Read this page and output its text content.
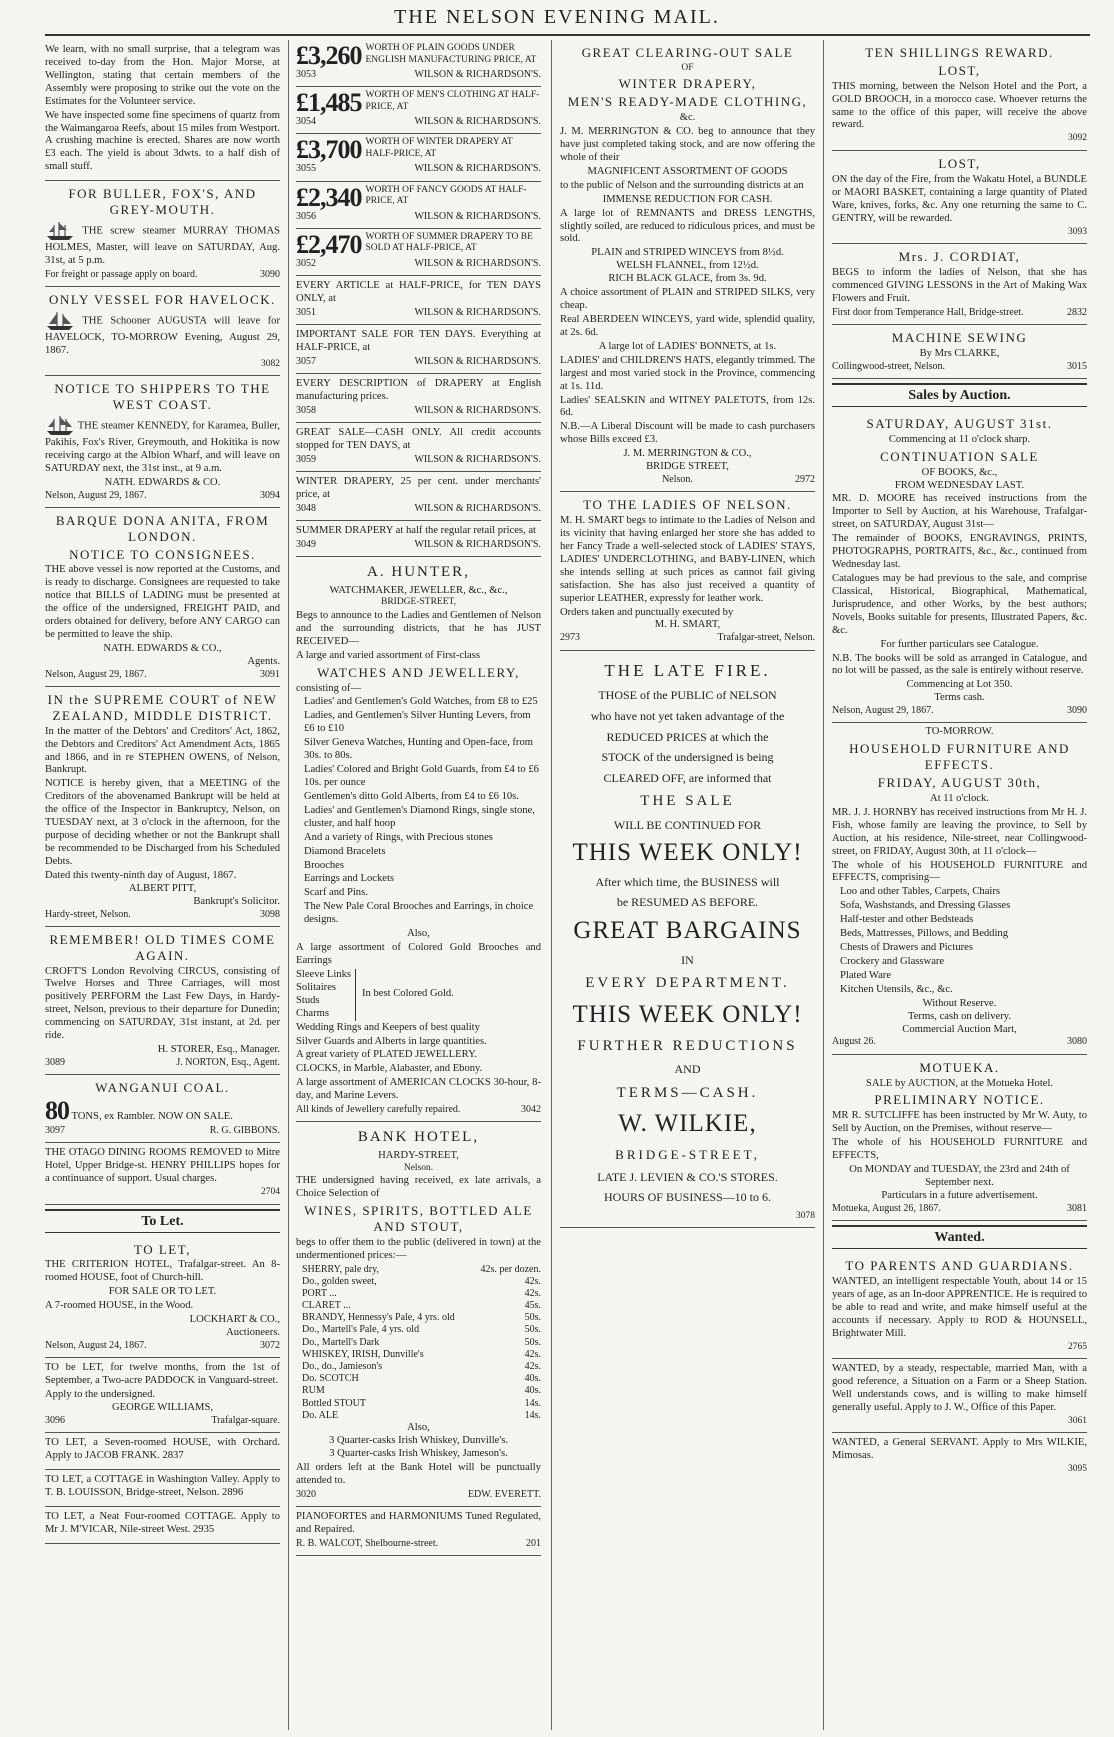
THE NELSON EVENING MAIL.

We learn, with no small surprise, that a telegram was received to-day from the Hon. Major Morse, at Wellington, stating that certain members of the Assembly were proposing to strike out the vote on the Estimates for the Volunteer service.

We have inspected some fine specimens of quartz from the Waimangaroa Reefs, about 15 miles from Westport. A crushing machine is erected. Shares are now worth £3 each. The yield is about 3dwts. to a half dish of small stuff.

FOR BULLER, FOX'S, AND GREY-MOUTH.

THE screw steamer MURRAY THOMAS HOLMES, Master, will leave on SATURDAY, Aug. 31st, at 5 p.m.

For freight or passage apply on board.	3090
ONLY VESSEL FOR HAVELOCK.

THE Schooner AUGUSTA will leave for HAVELOCK, TO-MORROW Evening, August 29, 1867.

3082
NOTICE TO SHIPPERS TO THE WEST COAST.

THE steamer KENNEDY, for Karamea, Buller, Pakihis, Fox's River, Greymouth, and Hokitika is now receiving cargo at the Albion Wharf, and will leave on SATURDAY next, the 31st inst., at 9 a.m.

NATH. EDWARDS & CO.
Nelson, August 29, 1867.	3094
BARQUE DONA ANITA, FROM LONDON.
NOTICE TO CONSIGNEES.

THE above vessel is now reported at the Customs, and is ready to discharge. Consignees are requested to take notice that BILLS of LADING must be presented at the office of the undersigned, FREIGHT PAID, and orders obtained for delivery, before ANY CARGO can be permitted to leave the ship.

NATH. EDWARDS & CO.,
Agents.
Nelson, August 29, 1867.	3091
IN the SUPREME COURT of NEW ZEALAND, MIDDLE DISTRICT.

In the matter of the Debtors' and Creditors' Act, 1862, the Debtors and Creditors' Act Amendment Acts, 1865 and 1866, and in re STEPHEN OWENS, of Nelson, Bankrupt.

NOTICE is hereby given, that a MEETING of the Creditors of the abovenamed Bankrupt will be held at the office of the Inspector in Bankruptcy, Nelson, on TUESDAY next, at 3 o'clock in the afternoon, for the purpose of deciding whether or not the Bankrupt shall be recommended to be Discharged from his Scheduled Debts.

Dated this twenty-ninth day of August, 1867.
ALBERT PITT,
Bankrupt's Solicitor.
Hardy-street, Nelson.	3098
REMEMBER! OLD TIMES COME AGAIN.

CROFT'S London Revolving CIRCUS, consisting of Twelve Horses and Three Carriages, will most positively PERFORM the Last Few Days, in Hardy-street, Nelson, previous to their departure for Dunedin; commencing on SATURDAY, 31st instant, at 2d. per ride.

H. STORER, Esq., Manager.
3089	J. NORTON, Esq., Agent.
WANGANUI COAL.

80 TONS, ex Rambler. NOW ON SALE.

3097	R. G. GIBBONS.

THE OTAGO DINING ROOMS REMOVED to Mitre Hotel, Upper Bridge-st. HENRY PHILLIPS hopes for a continuance of support. Usual charges.

2704
To Let.
TO LET,

THE CRITERION HOTEL, Trafalgar-street. An 8-roomed HOUSE, foot of Church-hill.

FOR SALE OR TO LET.

A 7-roomed HOUSE, in the Wood.

LOCKHART & CO.,
Auctioneers.
Nelson, August 24, 1867.	3072

TO be LET, for twelve months, from the 1st of September, a Two-acre PADDOCK in Vanguard-street.

Apply to the undersigned.
GEORGE WILLIAMS,
3096	Trafalgar-square.

TO LET, a Seven-roomed HOUSE, with Orchard. Apply to JACOB FRANK. 2837

TO LET, a COTTAGE in Washington Valley. Apply to T. B. LOUISSON, Bridge-street, Nelson. 2896

TO LET, a Neat Four-roomed COTTAGE. Apply to Mr J. M'VICAR, Nile-street West. 2935

£3,260 WORTH OF PLAIN GOODS UNDER ENGLISH MANUFACTURING PRICE, AT
3053	WILSON & RICHARDSON'S.
£1,485 WORTH OF MEN'S CLOTHING AT HALF-PRICE, AT
3054	WILSON & RICHARDSON'S.
£3,700 WORTH OF WINTER DRAPERY AT HALF-PRICE, AT
3055	WILSON & RICHARDSON'S.
£2,340 WORTH OF FANCY GOODS AT HALF-PRICE, AT
3056	WILSON & RICHARDSON'S.
£2,470 WORTH OF SUMMER DRAPERY TO BE SOLD AT HALF-PRICE, AT
3052	WILSON & RICHARDSON'S.

EVERY ARTICLE at HALF-PRICE, for TEN DAYS ONLY, at

3051	WILSON & RICHARDSON'S.

IMPORTANT SALE FOR TEN DAYS. Everything at HALF-PRICE, at

3057	WILSON & RICHARDSON'S.

EVERY DESCRIPTION of DRAPERY at English manufacturing prices.

3058	WILSON & RICHARDSON'S.

GREAT SALE—CASH ONLY. All credit accounts stopped for TEN DAYS, at

3059	WILSON & RICHARDSON'S.

WINTER DRAPERY, 25 per cent. under merchants' price, at

3048	WILSON & RICHARDSON'S.

SUMMER DRAPERY at half the regular retail prices, at

3049	WILSON & RICHARDSON'S.
A. HUNTER,
WATCHMAKER, JEWELLER, &c., &c.,
BRIDGE-STREET,

Begs to announce to the Ladies and Gentlemen of Nelson and the surrounding districts, that he has JUST RECEIVED—

A large and varied assortment of First-class

WATCHES AND JEWELLERY,
consisting of—
Ladies' and Gentlemen's Gold Watches, from £8 to £25
Ladies, and Gentlemen's Silver Hunting Levers, from £6 to £10
Silver Geneva Watches, Hunting and Open-face, from 30s. to 80s.
Ladies' Colored and Bright Gold Guards, from £4 to £6 10s. per ounce
Gentlemen's ditto Gold Alberts, from £4 to £6 10s.
Ladies' and Gentlemen's Diamond Rings, single stone, cluster, and half hoop
And a variety of Rings, with Precious stones
Diamond Bracelets
Brooches
Earrings and Lockets
Scarf and Pins.
The New Pale Coral Brooches and Earrings, in choice designs.
Also,

A large assortment of Colored Gold Brooches and Earrings

Sleeve Links
Solitaires
Studs
Charms
In best Colored Gold.

Wedding Rings and Keepers of best quality

Silver Guards and Alberts in large quantities.

A great variety of PLATED JEWELLERY.

CLOCKS, in Marble, Alabaster, and Ebony.

A large assortment of AMERICAN CLOCKS 30-hour, 8-day, and Marine Levers.

All kinds of Jewellery carefully repaired.	3042
BANK HOTEL,
HARDY-STREET,
Nelson.

THE undersigned having received, ex late arrivals, a Choice Selection of

WINES, SPIRITS, BOTTLED ALE AND STOUT,

begs to offer them to the public (delivered in town) at the undermentioned prices:—

SHERRY, pale dry,	42s. per dozen.
Do., golden sweet,	42s.
PORT ...	42s.
CLARET ...	45s.
BRANDY, Hennessy's Pale, 4 yrs. old	50s.
Do., Martell's Pale, 4 yrs. old	50s.
Do., Martell's Dark	50s.
WHISKEY, IRISH, Dunville's	42s.
Do., do., Jamieson's	42s.
Do. SCOTCH	40s.
RUM	40s.
Bottled STOUT	14s.
Do. ALE	14s.
Also,
3 Quarter-casks Irish Whiskey, Dunville's.
3 Quarter-casks Irish Whiskey, Jameson's.

All orders left at the Bank Hotel will be punctually attended to.

3020	EDW. EVERETT.

PIANOFORTES and HARMONIUMS Tuned Regulated, and Repaired.

R. B. WALCOT, Shelbourne-street.	201
GREAT CLEARING-OUT SALE
OF
WINTER DRAPERY,
MEN'S READY-MADE CLOTHING,
&c.

J. M. MERRINGTON & CO. beg to announce that they have just completed taking stock, and are now offering the whole of their

MAGNIFICENT ASSORTMENT OF GOODS

to the public of Nelson and the surrounding districts at an

IMMENSE REDUCTION FOR CASH.

A large lot of REMNANTS and DRESS LENGTHS, slightly soiled, are reduced to ridiculous prices, and must be sold.

PLAIN and STRIPED WINCEYS from 8½d.
WELSH FLANNEL, from 12½d.
RICH BLACK GLACE, from 3s. 9d.

A choice assortment of PLAIN and STRIPED SILKS, very cheap.

Real ABERDEEN WINCEYS, yard wide, splendid quality, at 2s. 6d.

A large lot of LADIES' BONNETS, at 1s.

LADIES' and CHILDREN'S HATS, elegantly trimmed. The largest and most varied stock in the Province, commencing at 1s. 11d.

Ladies' SEALSKIN and WITNEY PALETOTS, from 12s. 6d.

N.B.—A Liberal Discount will be made to cash purchasers whose Bills exceed £3.

J. M. MERRINGTON & CO.,
BRIDGE STREET,
Nelson.	2972
TO THE LADIES OF NELSON.

M. H. SMART begs to intimate to the Ladies of Nelson and its vicinity that having enlarged her store she has added to her Fancy Trade a well-selected stock of LADIES' STAYS, LADIES' UNDERCLOTHING, and BABY-LINEN, which she intends selling at such prices as cannot fail giving satisfaction. She has also just received a quantity of superior LEATHER, expressly for leather work.

Orders taken and punctually executed by
M. H. SMART,
2973	Trafalgar-street, Nelson.
THE LATE FIRE.
THOSE of the PUBLIC of NELSON
who have not yet taken advantage of the
REDUCED PRICES at which the
STOCK of the undersigned is being
CLEARED OFF, are informed that
THE SALE
WILL BE CONTINUED FOR
THIS WEEK ONLY!
After which time, the BUSINESS will
be RESUMED AS BEFORE.
GREAT BARGAINS
IN
EVERY DEPARTMENT.
THIS WEEK ONLY!
FURTHER REDUCTIONS
AND
TERMS—CASH.
W. WILKIE,
BRIDGE-STREET,
LATE J. LEVIEN & CO.'S STORES.
HOURS OF BUSINESS—10 to 6.
3078
TEN SHILLINGS REWARD.
LOST,

THIS morning, between the Nelson Hotel and the Port, a GOLD BROOCH, in a morocco case. Whoever returns the same to the office of this paper, will receive the above reward.

3092
LOST,

ON the day of the Fire, from the Wakatu Hotel, a BUNDLE or MAORI BASKET, containing a large quantity of Plated Ware, knives, forks, &c. Any one returning the same to C. GENTRY, will be rewarded.

3093
Mrs. J. CORDIAT,

BEGS to inform the ladies of Nelson, that she has commenced GIVING LESSONS in the Art of Making Wax Flowers and Fruit.

First door from Temperance Hall, Bridge-street.	2832
MACHINE SEWING
By Mrs CLARKE,
Collingwood-street, Nelson.	3015
Sales by Auction.
SATURDAY, AUGUST 31st.
Commencing at 11 o'clock sharp.
CONTINUATION SALE
OF BOOKS, &c.,
FROM WEDNESDAY LAST.

MR. D. MOORE has received instructions from the Importer to Sell by Auction, at his Warehouse, Trafalgar-street, on SATURDAY, August 31st—

The remainder of BOOKS, ENGRAVINGS, PRINTS, PHOTOGRAPHS, PORTRAITS, &c., &c., continued from Wednesday last.

Catalogues may be had previous to the sale, and comprise Classical, Historical, Biographical, Mathematical, Jurisprudence, and other Works, by the best authors; Novels, Books suitable for presents, Illustrated Papers, &c. &c.

For further particulars see Catalogue.

N.B. The books will be sold as arranged in Catalogue, and no lot will be passed, as the sale is entirely without reserve.

Commencing at Lot 350.
Terms cash.
Nelson, August 29, 1867.	3090
TO-MORROW.
HOUSEHOLD FURNITURE AND EFFECTS.
FRIDAY, AUGUST 30th,
At 11 o'clock.

MR. J. J. HORNBY has received instructions from Mr H. J. Fish, whose family are leaving the province, to Sell by Auction, at his residence, Nile-street, near Collingwood-street, on FRIDAY, August 30th, at 11 o'clock—

The whole of his HOUSEHOLD FURNITURE and EFFECTS, comprising—

Loo and other Tables, Carpets, Chairs
Sofa, Washstands, and Dressing Glasses
Half-tester and other Bedsteads
Beds, Mattresses, Pillows, and Bedding
Chests of Drawers and Pictures
Crockery and Glassware
Plated Ware
Kitchen Utensils, &c., &c.
Without Reserve.
Terms, cash on delivery.
Commercial Auction Mart,
August 26.	3080
MOTUEKA.
SALE by AUCTION, at the Motueka Hotel.
PRELIMINARY NOTICE.

MR R. SUTCLIFFE has been instructed by Mr W. Auty, to Sell by Auction, on the Premises, without reserve—

The whole of his HOUSEHOLD FURNITURE and EFFECTS,

On MONDAY and TUESDAY, the 23rd and 24th of September next.
Particulars in a future advertisement.
Motueka, August 26, 1867.	3081
Wanted.
TO PARENTS AND GUARDIANS.

WANTED, an intelligent respectable Youth, about 14 or 15 years of age, as an In-door APPRENTICE. He is required to be able to read and write, and make himself useful at the accounts if necessary. Apply to ROD & HOUNSELL, Brightwater Mill.

2765

WANTED, by a steady, respectable, married Man, with a good reference, a Situation on a Farm or a Sheep Station. Well understands cows, and is willing to make himself generally useful. Apply to J. W., Office of this Paper.

3061

WANTED, a General SERVANT. Apply to Mrs WILKIE, Mimosas.

3095
